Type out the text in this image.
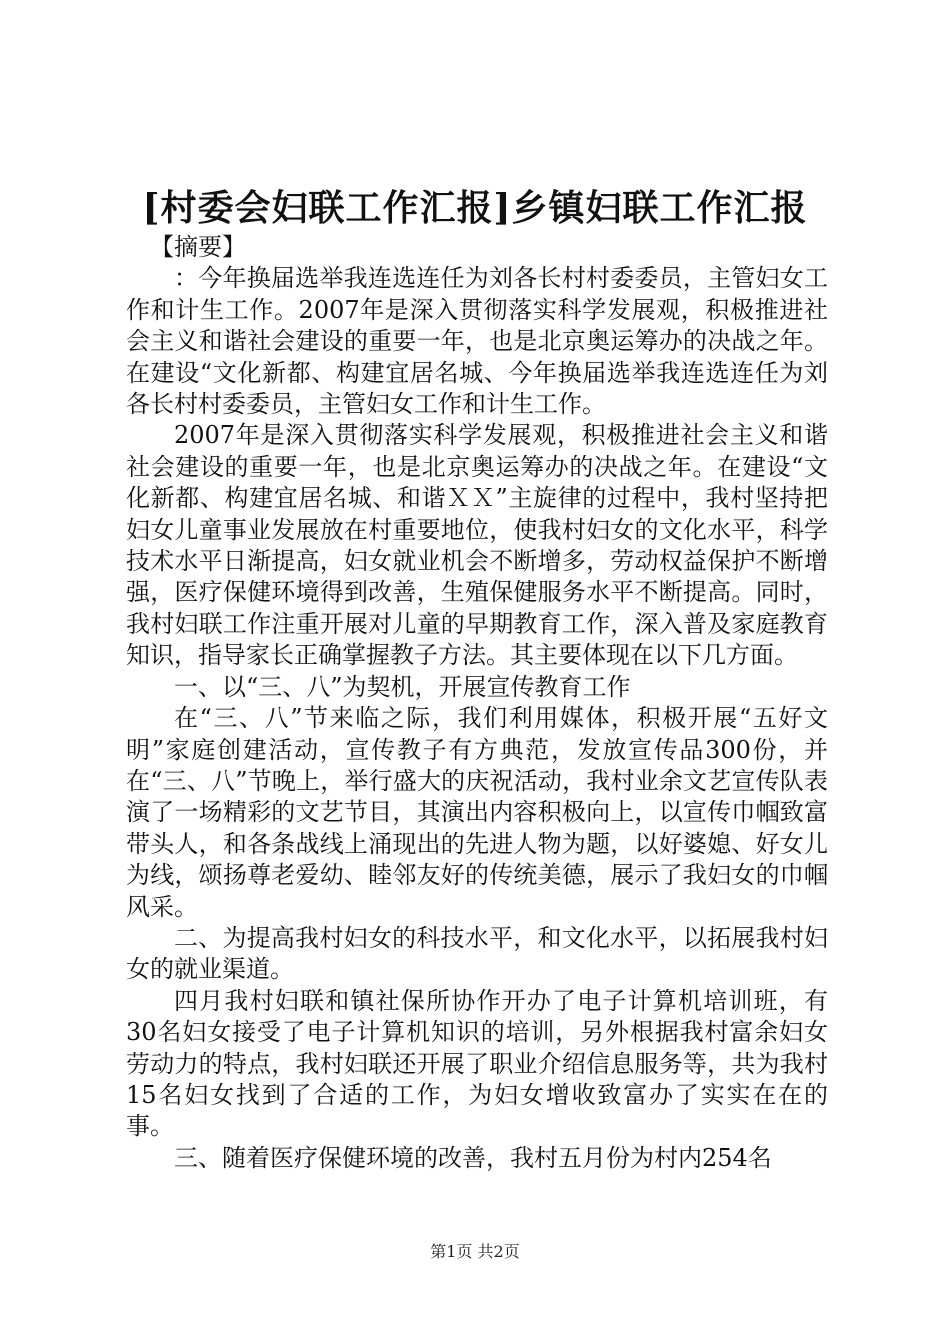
[村委会妇联工作汇报]乡镇妇联工作汇报

【摘要】

：今年换届选举我连选连任为刘各长村村委委员，主管妇女工作和计生工作。2007年是深入贯彻落实科学发展观，积极推进社会主义和谐社会建设的重要一年，也是北京奥运筹办的决战之年。在建设“文化新都、构建宜居名城、今年换届选举我连选连任为刘各长村村委委员，主管妇女工作和计生工作。

2007年是深入贯彻落实科学发展观，积极推进社会主义和谐社会建设的重要一年，也是北京奥运筹办的决战之年。在建设“文化新都、构建宜居名城、和谐ＸＸ”主旋律的过程中，我村坚持把妇女儿童事业发展放在村重要地位，使我村妇女的文化水平，科学技术水平日渐提高，妇女就业机会不断增多，劳动权益保护不断增强，医疗保健环境得到改善，生殖保健服务水平不断提高。同时，我村妇联工作注重开展对儿童的早期教育工作，深入普及家庭教育知识，指导家长正确掌握教子方法。其主要体现在以下几方面。

一、以“三、八”为契机，开展宣传教育工作

在“三、八”节来临之际，我们利用媒体，积极开展“五好文明”家庭创建活动，宣传教子有方典范，发放宣传品300份，并在“三、八”节晚上，举行盛大的庆祝活动，我村业余文艺宣传队表演了一场精彩的文艺节目，其演出内容积极向上，以宣传巾帼致富带头人，和各条战线上涌现出的先进人物为题，以好婆媳、好女儿为线，颂扬尊老爱幼、睦邻友好的传统美德，展示了我妇女的巾帼风采。

二、为提高我村妇女的科技水平，和文化水平，以拓展我村妇女的就业渠道。

四月我村妇联和镇社保所协作开办了电子计算机培训班，有30名妇女接受了电子计算机知识的培训，另外根据我村富余妇女劳动力的特点，我村妇联还开展了职业介绍信息服务等，共为我村15名妇女找到了合适的工作，为妇女增收致富办了实实在在的事。

三、随着医疗保健环境的改善，我村五月份为村内254名

第1页 共2页
